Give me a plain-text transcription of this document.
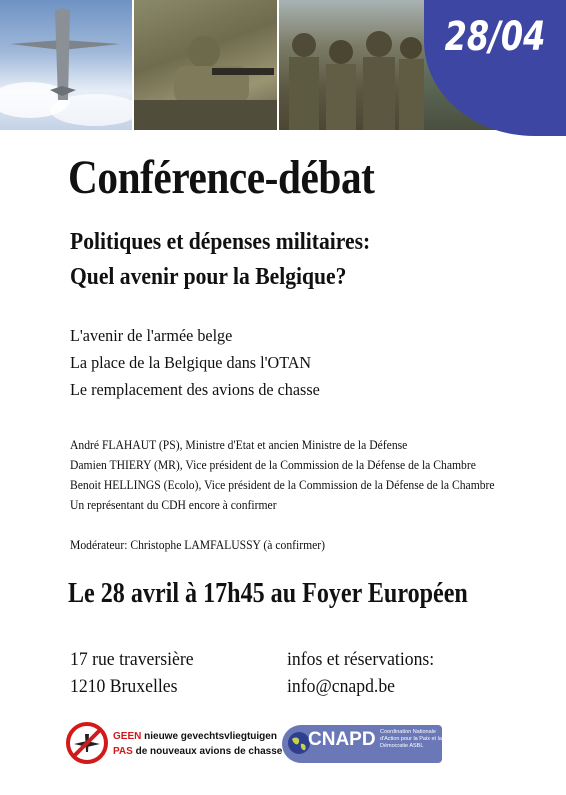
28/04
Conférence-débat
Politiques et dépenses militaires:
Quel avenir pour la Belgique?
L'avenir de l'armée belge
La place de la Belgique dans l'OTAN
Le remplacement des avions de chasse
André FLAHAUT (PS), Ministre d'Etat et ancien Ministre de la Défense
Damien THIERY (MR), Vice président de la Commission de la Défense de la Chambre
Benoit HELLINGS (Ecolo), Vice président de la Commission de la Défense de la Chambre
Un représentant du CDH encore à confirmer
Modérateur: Christophe LAMFALUSSY (à confirmer)
Le 28 avril à 17h45 au Foyer Européen
17 rue traversière
1210 Bruxelles
infos et réservations:
info@cnapd.be
GEEN nieuwe gevechtsvliegtuigen
PAS de nouveaux avions de chasse
CNAPD Coordination Nationale d'Action pour la Paix et la Démocratie ASBL
